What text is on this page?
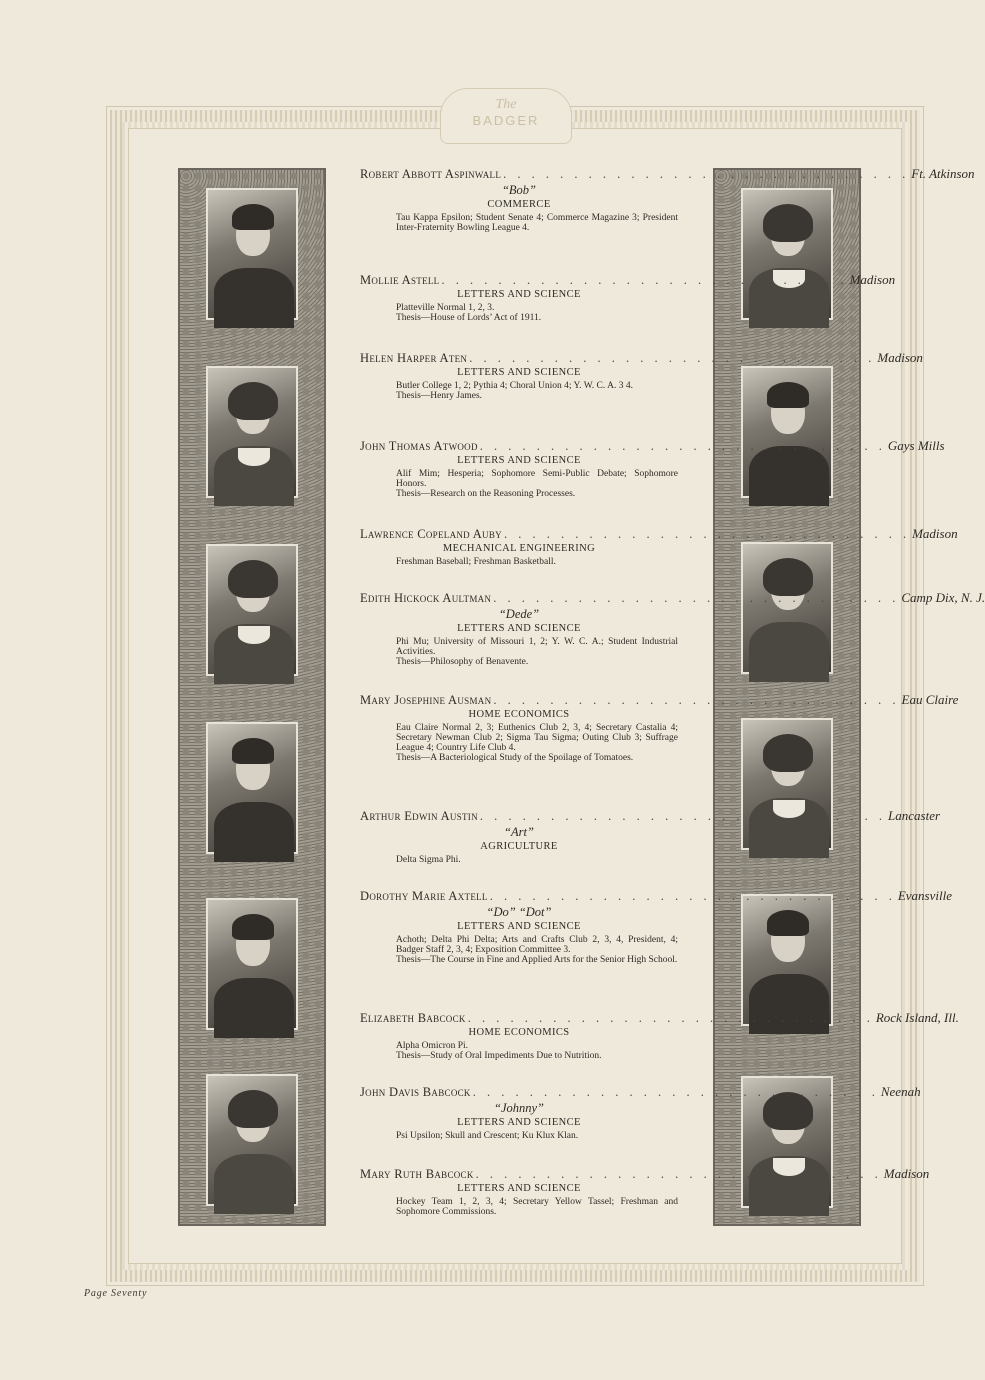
The
BADGER
Robert Abbott Aspinwall . . . . . . . . . . . . . . . . . . . . . . . . . . . . . Ft. Atkinson
“Bob”
COMMERCE
Tau Kappa Epsilon; Student Senate 4; Commerce Magazine 3; President Inter-Fraternity Bowling League 4.
Mollie Astell . . . . . . . . . . . . . . . . . . . . . . . . . . . . . Madison
LETTERS AND SCIENCE
Platteville Normal 1, 2, 3.
Thesis—House of Lords’ Act of 1911.
Helen Harper Aten . . . . . . . . . . . . . . . . . . . . . . . . . . . . . Madison
LETTERS AND SCIENCE
Butler College 1, 2; Pythia 4; Choral Union 4; Y. W. C. A. 3 4.
Thesis—Henry James.
John Thomas Atwood . . . . . . . . . . . . . . . . . . . . . . . . . . . . . Gays Mills
LETTERS AND SCIENCE
Alif Mim; Hesperia; Sophomore Semi-Public Debate; Sophomore Honors.
Thesis—Research on the Reasoning Processes.
Lawrence Copeland Auby . . . . . . . . . . . . . . . . . . . . . . . . . . . . . Madison
MECHANICAL ENGINEERING
Freshman Baseball; Freshman Basketball.
Edith Hickock Aultman . . . . . . . . . . . . . . . . . . . . . . . . . . . . . Camp Dix, N. J.
“Dede”
LETTERS AND SCIENCE
Phi Mu; University of Missouri 1, 2; Y. W. C. A.; Student Industrial Activities.
Thesis—Philosophy of Benavente.
Mary Josephine Ausman . . . . . . . . . . . . . . . . . . . . . . . . . . . . . Eau Claire
HOME ECONOMICS
Eau Claire Normal 2, 3; Euthenics Club 2, 3, 4; Secretary Castalia 4; Secretary Newman Club 2; Sigma Tau Sigma; Outing Club 3; Suffrage League 4; Country Life Club 4.
Thesis—A Bacteriological Study of the Spoilage of Tomatoes.
Arthur Edwin Austin . . . . . . . . . . . . . . . . . . . . . . . . . . . . . Lancaster
“Art”
AGRICULTURE
Delta Sigma Phi.
Dorothy Marie Axtell . . . . . . . . . . . . . . . . . . . . . . . . . . . . . Evansville
“Do” “Dot”
LETTERS AND SCIENCE
Achoth; Delta Phi Delta; Arts and Crafts Club 2, 3, 4, President, 4; Badger Staff 2, 3, 4; Exposition Committee 3.
Thesis—The Course in Fine and Applied Arts for the Senior High School.
Elizabeth Babcock . . . . . . . . . . . . . . . . . . . . . . . . . . . . . Rock Island, Ill.
HOME ECONOMICS
Alpha Omicron Pi.
Thesis—Study of Oral Impediments Due to Nutrition.
John Davis Babcock . . . . . . . . . . . . . . . . . . . . . . . . . . . . . Neenah
“Johnny”
LETTERS AND SCIENCE
Psi Upsilon; Skull and Crescent; Ku Klux Klan.
Mary Ruth Babcock . . . . . . . . . . . . . . . . . . . . . . . . . . . . . Madison
LETTERS AND SCIENCE
Hockey Team 1, 2, 3, 4; Secretary Yellow Tassel; Freshman and Sophomore Commissions.
Page Seventy
